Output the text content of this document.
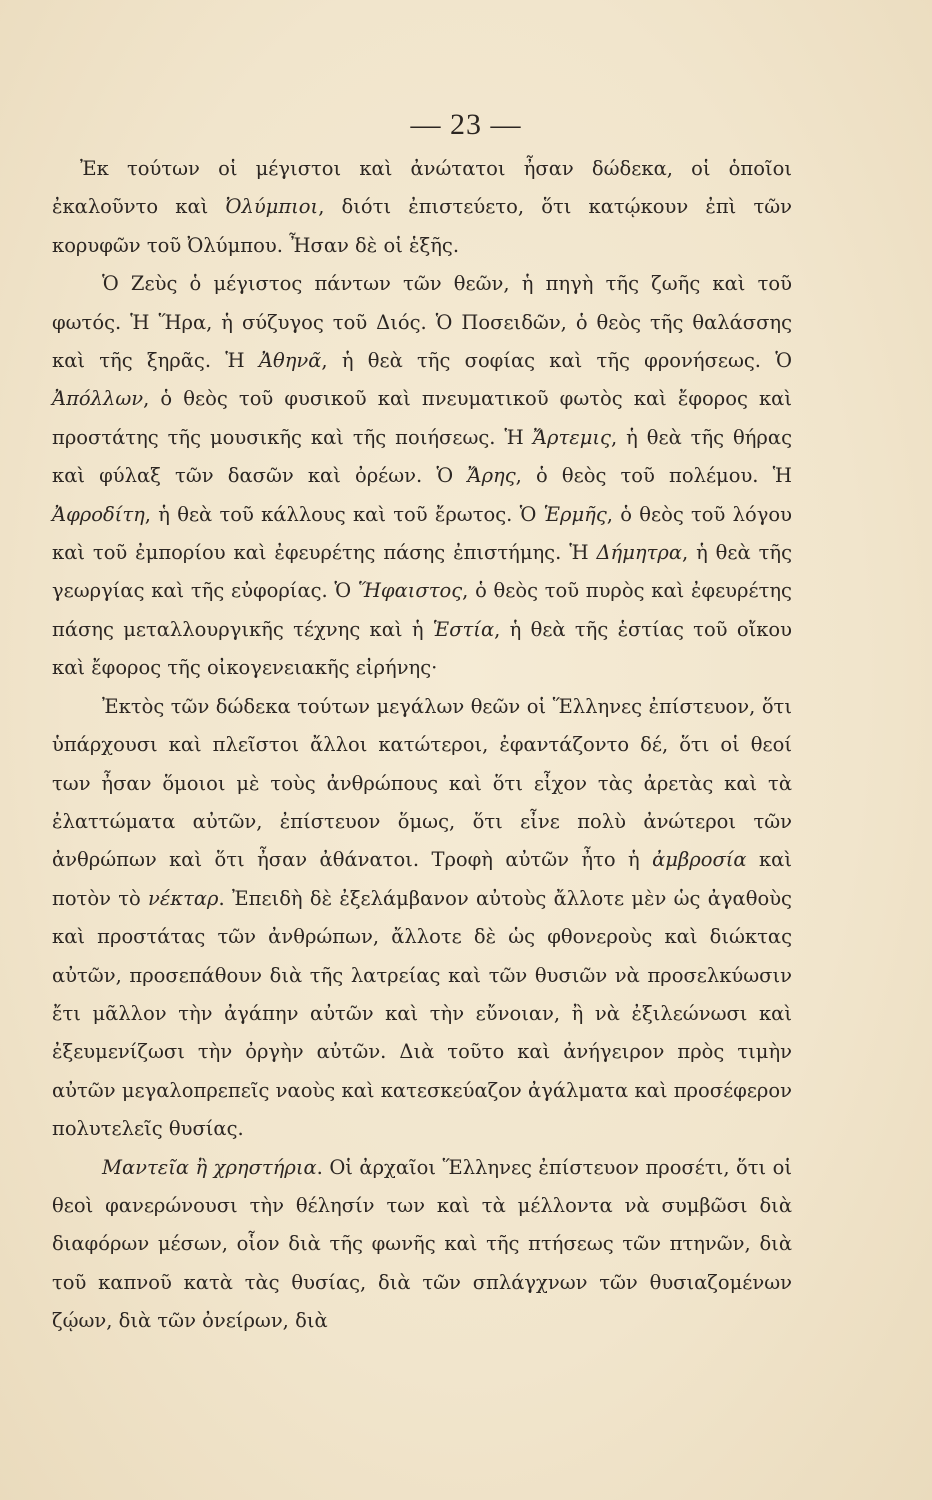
— 23 —

Ἐκ τούτων οἱ μέγιστοι καὶ ἀνώτατοι ἦσαν δώδεκα, οἱ ὁποῖοι ἐκαλοῦντο καὶ Ὀλύμπιοι, διότι ἐπιστεύετο, ὅτι κατῴκουν ἐπὶ τῶν κορυφῶν τοῦ Ὀλύμπου. Ἦσαν δὲ οἱ ἑξῆς.

Ὁ Ζεὺς ὁ μέγιστος πάντων τῶν θεῶν, ἡ πηγὴ τῆς ζωῆς καὶ τοῦ φωτός. Ἡ Ἥρα, ἡ σύζυγος τοῦ Διός. Ὁ Ποσειδῶν, ὁ θεὸς τῆς θαλάσσης καὶ τῆς ξηρᾶς. Ἡ Ἀθηνᾶ, ἡ θεὰ τῆς σοφίας καὶ τῆς φρονήσεως. Ὁ Ἀπόλλων, ὁ θεὸς τοῦ φυσικοῦ καὶ πνευματικοῦ φωτὸς καὶ ἔφορος καὶ προστάτης τῆς μουσικῆς καὶ τῆς ποιήσεως. Ἡ Ἄρτεμις, ἡ θεὰ τῆς θήρας καὶ φύλαξ τῶν δασῶν καὶ ὀρέων. Ὁ Ἄρης, ὁ θεὸς τοῦ πολέμου. Ἡ Ἀφροδίτη, ἡ θεὰ τοῦ κάλλους καὶ τοῦ ἔρωτος. Ὁ Ἑρμῆς, ὁ θεὸς τοῦ λόγου καὶ τοῦ ἐμπορίου καὶ ἐφευρέτης πάσης ἐπιστήμης. Ἡ Δήμητρα, ἡ θεὰ τῆς γεωργίας καὶ τῆς εὐφορίας. Ὁ Ἥφαιστος, ὁ θεὸς τοῦ πυρὸς καὶ ἐφευρέτης πάσης μεταλλουργικῆς τέχνης καὶ ἡ Ἑστία, ἡ θεὰ τῆς ἑστίας τοῦ οἴκου καὶ ἔφορος τῆς οἰκογενειακῆς εἰρήνης·

Ἐκτὸς τῶν δώδεκα τούτων μεγάλων θεῶν οἱ Ἕλληνες ἐπίστευον, ὅτι ὑπάρχουσι καὶ πλεῖστοι ἄλλοι κατώτεροι, ἐφαντάζοντο δέ, ὅτι οἱ θεοί των ἦσαν ὅμοιοι μὲ τοὺς ἀνθρώπους καὶ ὅτι εἶχον τὰς ἀρετὰς καὶ τὰ ἐλαττώματα αὐτῶν, ἐπίστευον ὅμως, ὅτι εἶνε πολὺ ἀνώτεροι τῶν ἀνθρώπων καὶ ὅτι ἦσαν ἀθάνατοι. Τροφὴ αὐτῶν ἦτο ἡ ἀμβροσία καὶ ποτὸν τὸ νέκταρ. Ἐπειδὴ δὲ ἐξελάμβανον αὐτοὺς ἄλλοτε μὲν ὡς ἀγαθοὺς καὶ προστάτας τῶν ἀνθρώπων, ἄλλοτε δὲ ὡς φθονεροὺς καὶ διώκτας αὐτῶν, προσεπάθουν διὰ τῆς λατρείας καὶ τῶν θυσιῶν νὰ προσελκύωσιν ἔτι μᾶλλον τὴν ἀγάπην αὐτῶν καὶ τὴν εὔνοιαν, ἢ νὰ ἐξιλεώνωσι καὶ ἐξευμενίζωσι τὴν ὀργὴν αὐτῶν. Διὰ τοῦτο καὶ ἀνήγειρον πρὸς τιμὴν αὐτῶν μεγαλοπρεπεῖς ναοὺς καὶ κατεσκεύαζον ἀγάλματα καὶ προσέφερον πολυτελεῖς θυσίας.

Μαντεῖα ἢ χρηστήρια. Οἱ ἀρχαῖοι Ἕλληνες ἐπίστευον προσέτι, ὅτι οἱ θεοὶ φανερώνουσι τὴν θέλησίν των καὶ τὰ μέλλοντα νὰ συμβῶσι διὰ διαφόρων μέσων, οἷον διὰ τῆς φωνῆς καὶ τῆς πτήσεως τῶν πτηνῶν, διὰ τοῦ καπνοῦ κατὰ τὰς θυσίας, διὰ τῶν σπλάγχνων τῶν θυσιαζομένων ζῴων, διὰ τῶν ὀνείρων, διὰ
